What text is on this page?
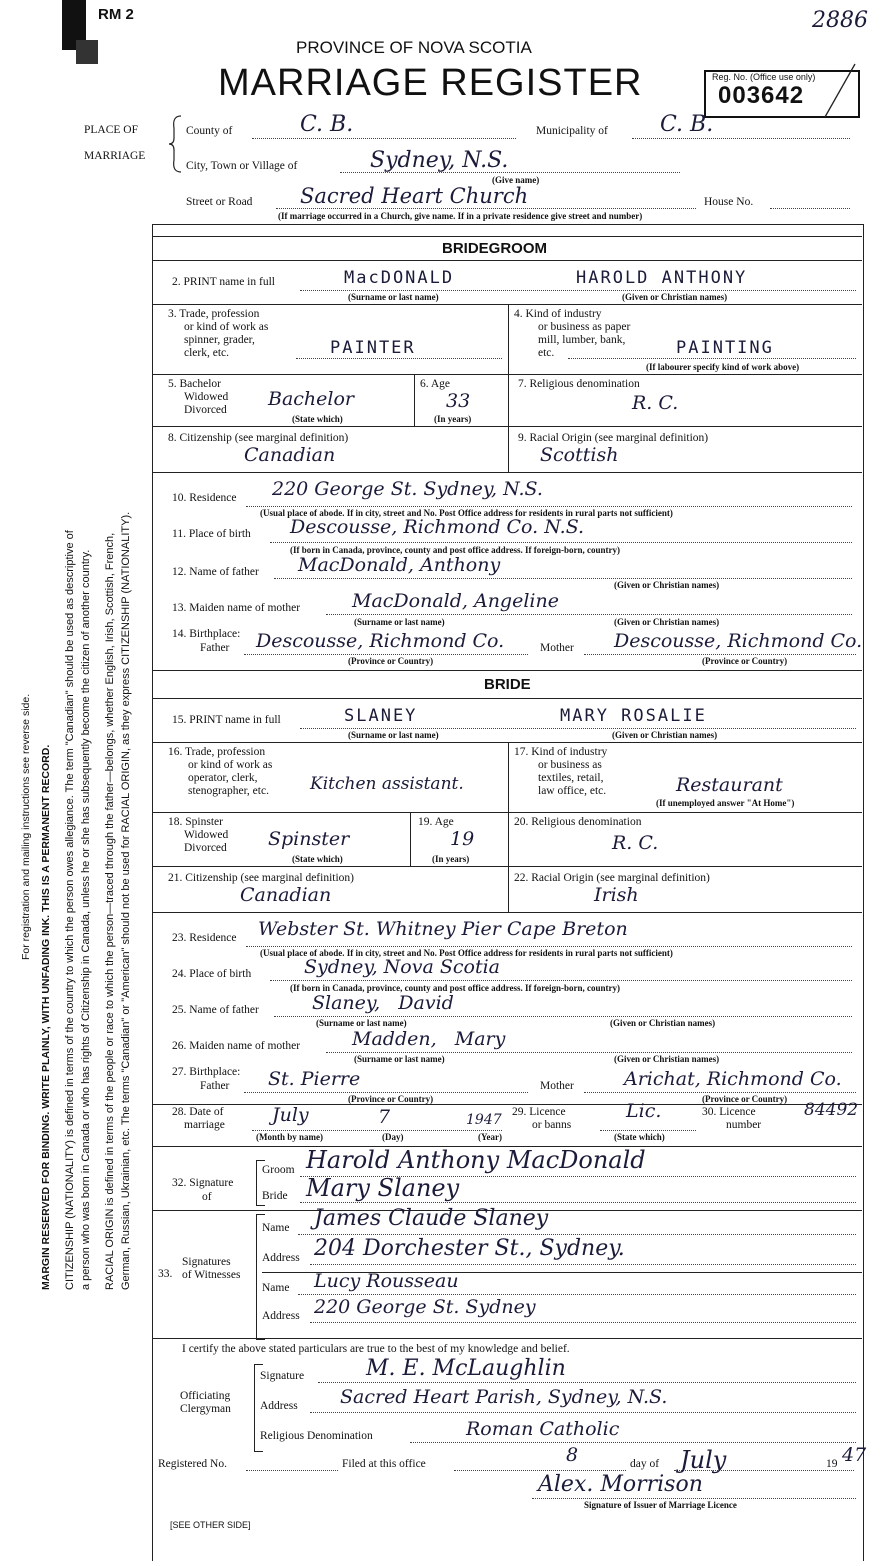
RM 2	2886
PROVINCE OF NOVA SCOTIA
MARRIAGE REGISTER	Reg. No. (Office use only)
003642
PLACE OF
MARRIAGE
County of	C. B.	Municipality of C. B.
City, Town or Village of	Sydney, N.S.
(Give name)
Street or Road Sacred Heart Church	House No.
(If marriage occurred in a Church, give name. If in a private residence give street and number)
For registration and mailing instructions see reverse side. MARGIN RESERVED FOR BINDING. WRITE PLAINLY, WITH UNFADING INK. THIS IS A PERMANENT RECORD. CITIZENSHIP (NATIONALITY) is defined in terms of the country to which the person owes allegiance. The term "Canadian" should be used as descriptive of a person who was born in Canada or who has rights of Citizenship in Canada, unless he or she has subsequently become the citizen of another country. RACIAL ORIGIN is defined in terms of the people or race to which the person—traced through the father—belongs, whether English, Irish, Scottish, French, German, Russian, Ukrainian, etc. The terms "Canadian" or "American" should not be used for RACIAL ORIGIN, as they express CITIZENSHIP (NATIONALITY).
BRIDEGROOM
2. PRINT name in full	MacDONALD	HAROLD ANTHONY
(Surname or last name)	(Given or Christian names)
3. Trade, profession
or kind of work as
spinner, grader,
clerk, etc.	PAINTER
4. Kind of industry
or business as paper
mill, lumber, bank,
etc.	PAINTING
(If labourer specify kind of work above)
5. Bachelor
Widowed
Divorced Bachelor
(State which)
6. Age
33
(In years)
7. Religious denomination
R. C.
8. Citizenship (see marginal definition)
Canadian
9. Racial Origin (see marginal definition)
Scottish
10. Residence 220 George St. Sydney, N.S.
(Usual place of abode. If in city, street and No. Post Office address for residents in rural parts not sufficient)
11. Place of birth Descousse, Richmond Co. N.S.
(If born in Canada, province, county and post office address. If foreign-born, country)
12. Name of father MacDonald, Anthony
(Given or Christian names)
13. Maiden name of mother	MacDonald, Angeline
(Surname or last name)	(Given or Christian names)
14. Birthplace:
Father Descousse, Richmond Co.
(Province or Country)
Mother Descousse, Richmond Co.
(Province or Country)
BRIDE
15. PRINT name in full	SLANEY	MARY ROSALIE
(Surname or last name)	(Given or Christian names)
16. Trade, profession
or kind of work as
operator, clerk,
stenographer, etc. Kitchen assistant.
17. Kind of industry
or business as
textiles, retail,
law office, etc.	Restaurant
(If unemployed answer "At Home")
18. Spinster
Widowed
Divorced Spinster
(State which)
19. Age
19
(In years)
20. Religious denomination
R. C.
21. Citizenship (see marginal definition)
Canadian
22. Racial Origin (see marginal definition)
Irish
23. Residence Webster St. Whitney Pier Cape Breton
(Usual place of abode. If in city, street and No. Post Office address for residents in rural parts not sufficient)
24. Place of birth	Sydney, Nova Scotia
(If born in Canada, province, county and post office address. If foreign-born, country)
25. Name of father	Slaney,   David
(Surname or last name)	(Given or Christian names)
26. Maiden name of mother	Madden,   Mary
(Surname or last name)	(Given or Christian names)
27. Birthplace:
Father St. Pierre
(Province or Country)
Mother	Arichat, Richmond Co.
(Province or Country)
28. Date of
marriage July	7	1947
(Month by name)	(Day)	(Year)
29. Licence
or banns
Lic.
(State which)
30. Licence
number
84492
32. Signature
of
Groom Harold Anthony MacDonald
Bride Mary Slaney
Signatures
of Witnesses
33.
Name James Claude Slaney
Address 204 Dorchester St., Sydney.
Name Lucy Rousseau
Address 220 George St. Sydney
I certify the above stated particulars are true to the best of my knowledge and belief.
Officiating
Clergyman
Signature	M. E. McLaughlin
Address Sacred Heart Parish, Sydney, N.S.
Religious Denomination	Roman Catholic
Registered No.	Filed at this office	8	day of July	19 47
Alex. Morrison
Signature of Issuer of Marriage Licence
[SEE OTHER SIDE]
